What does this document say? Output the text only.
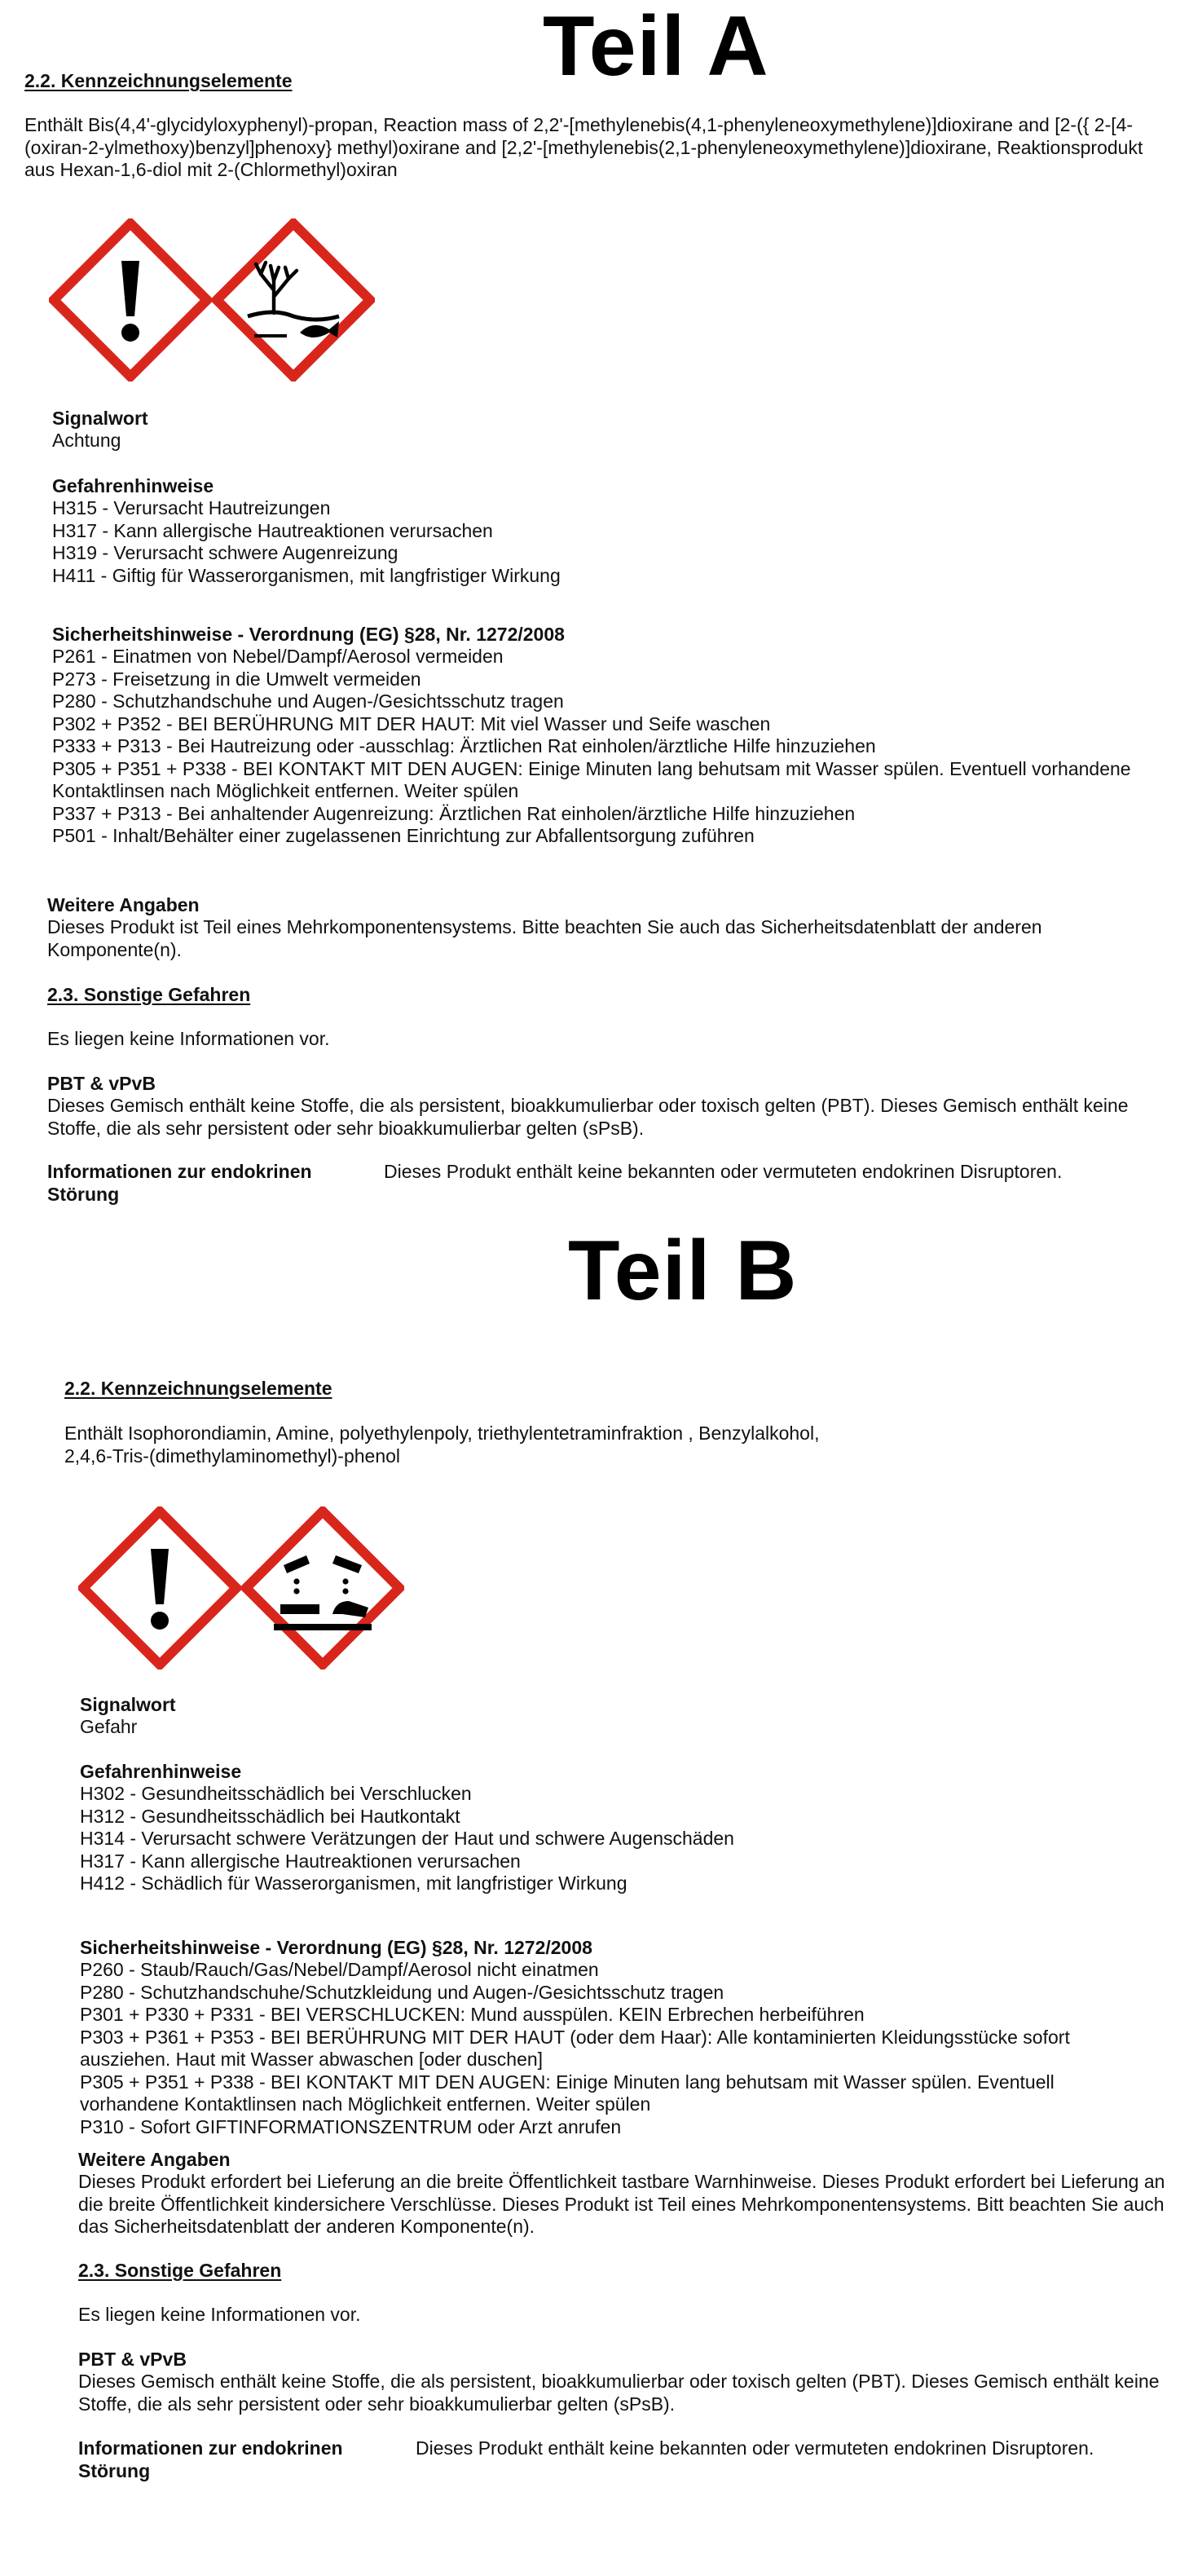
Teil A
2.2. Kennzeichnungselemente
Enthält Bis(4,4'-glycidyloxyphenyl)-propan, Reaction mass of 2,2'-[methylenebis(4,1-phenyleneoxymethylene)]dioxirane and [2-({ 2-[4-(oxiran-2-ylmethoxy)benzyl]phenoxy} methyl)oxirane and [2,2'-[methylenebis(2,1-phenyleneoxymethylene)]dioxirane, Reaktionsprodukt aus Hexan-1,6-diol mit 2-(Chlormethyl)oxiran
Signalwort
Achtung
Gefahrenhinweise
H315 - Verursacht Hautreizungen
H317 - Kann allergische Hautreaktionen verursachen
H319 - Verursacht schwere Augenreizung
H411 - Giftig für Wasserorganismen, mit langfristiger Wirkung
Sicherheitshinweise - Verordnung (EG) §28, Nr. 1272/2008
P261 - Einatmen von Nebel/Dampf/Aerosol vermeiden
P273 - Freisetzung in die Umwelt vermeiden
P280 - Schutzhandschuhe und Augen-/Gesichtsschutz tragen
P302 + P352 - BEI BERÜHRUNG MIT DER HAUT: Mit viel Wasser und Seife waschen
P333 + P313 - Bei Hautreizung oder -ausschlag: Ärztlichen Rat einholen/ärztliche Hilfe hinzuziehen
P305 + P351 + P338 - BEI KONTAKT MIT DEN AUGEN: Einige Minuten lang behutsam mit Wasser spülen. Eventuell vorhandene Kontaktlinsen nach Möglichkeit entfernen. Weiter spülen
P337 + P313 - Bei anhaltender Augenreizung: Ärztlichen Rat einholen/ärztliche Hilfe hinzuziehen
P501 - Inhalt/Behälter einer zugelassenen Einrichtung zur Abfallentsorgung zuführen
Weitere Angaben
Dieses Produkt ist Teil eines Mehrkomponentensystems. Bitte beachten Sie auch das Sicherheitsdatenblatt der anderen Komponente(n).
2.3. Sonstige Gefahren
Es liegen keine Informationen vor.
PBT & vPvB
Dieses Gemisch enthält keine Stoffe, die als persistent, bioakkumulierbar oder toxisch gelten (PBT). Dieses Gemisch enthält keine Stoffe, die als sehr persistent oder sehr bioakkumulierbar gelten (sPsB).
Informationen zur endokrinen Störung
Dieses Produkt enthält keine bekannten oder vermuteten endokrinen Disruptoren.
Teil B
2.2. Kennzeichnungselemente
Enthält Isophorondiamin, Amine, polyethylenpoly, triethylentetraminfraktion , Benzylalkohol, 2,4,6-Tris-(dimethylaminomethyl)-phenol
Signalwort
Gefahr
Gefahrenhinweise
H302 - Gesundheitsschädlich bei Verschlucken
H312 - Gesundheitsschädlich bei Hautkontakt
H314 - Verursacht schwere Verätzungen der Haut und schwere Augenschäden
H317 - Kann allergische Hautreaktionen verursachen
H412 - Schädlich für Wasserorganismen, mit langfristiger Wirkung
Sicherheitshinweise - Verordnung (EG) §28, Nr. 1272/2008
P260 - Staub/Rauch/Gas/Nebel/Dampf/Aerosol nicht einatmen
P280 - Schutzhandschuhe/Schutzkleidung und Augen-/Gesichtsschutz tragen
P301 + P330 + P331 - BEI VERSCHLUCKEN: Mund ausspülen. KEIN Erbrechen herbeiführen
P303 + P361 + P353 - BEI BERÜHRUNG MIT DER HAUT (oder dem Haar): Alle kontaminierten Kleidungsstücke sofort ausziehen. Haut mit Wasser abwaschen [oder duschen]
P305 + P351 + P338 - BEI KONTAKT MIT DEN AUGEN: Einige Minuten lang behutsam mit Wasser spülen. Eventuell vorhandene Kontaktlinsen nach Möglichkeit entfernen. Weiter spülen
P310 - Sofort GIFTINFORMATIONSZENTRUM oder Arzt anrufen
Weitere Angaben
Dieses Produkt erfordert bei Lieferung an die breite Öffentlichkeit tastbare Warnhinweise. Dieses Produkt erfordert bei Lieferung an die breite Öffentlichkeit kindersichere Verschlüsse. Dieses Produkt ist Teil eines Mehrkomponentensystems. Bitt beachten Sie auch das Sicherheitsdatenblatt der anderen Komponente(n).
2.3. Sonstige Gefahren
Es liegen keine Informationen vor.
PBT & vPvB
Dieses Gemisch enthält keine Stoffe, die als persistent, bioakkumulierbar oder toxisch gelten (PBT). Dieses Gemisch enthält keine Stoffe, die als sehr persistent oder sehr bioakkumulierbar gelten (sPsB).
Informationen zur endokrinen Störung
Dieses Produkt enthält keine bekannten oder vermuteten endokrinen Disruptoren.
